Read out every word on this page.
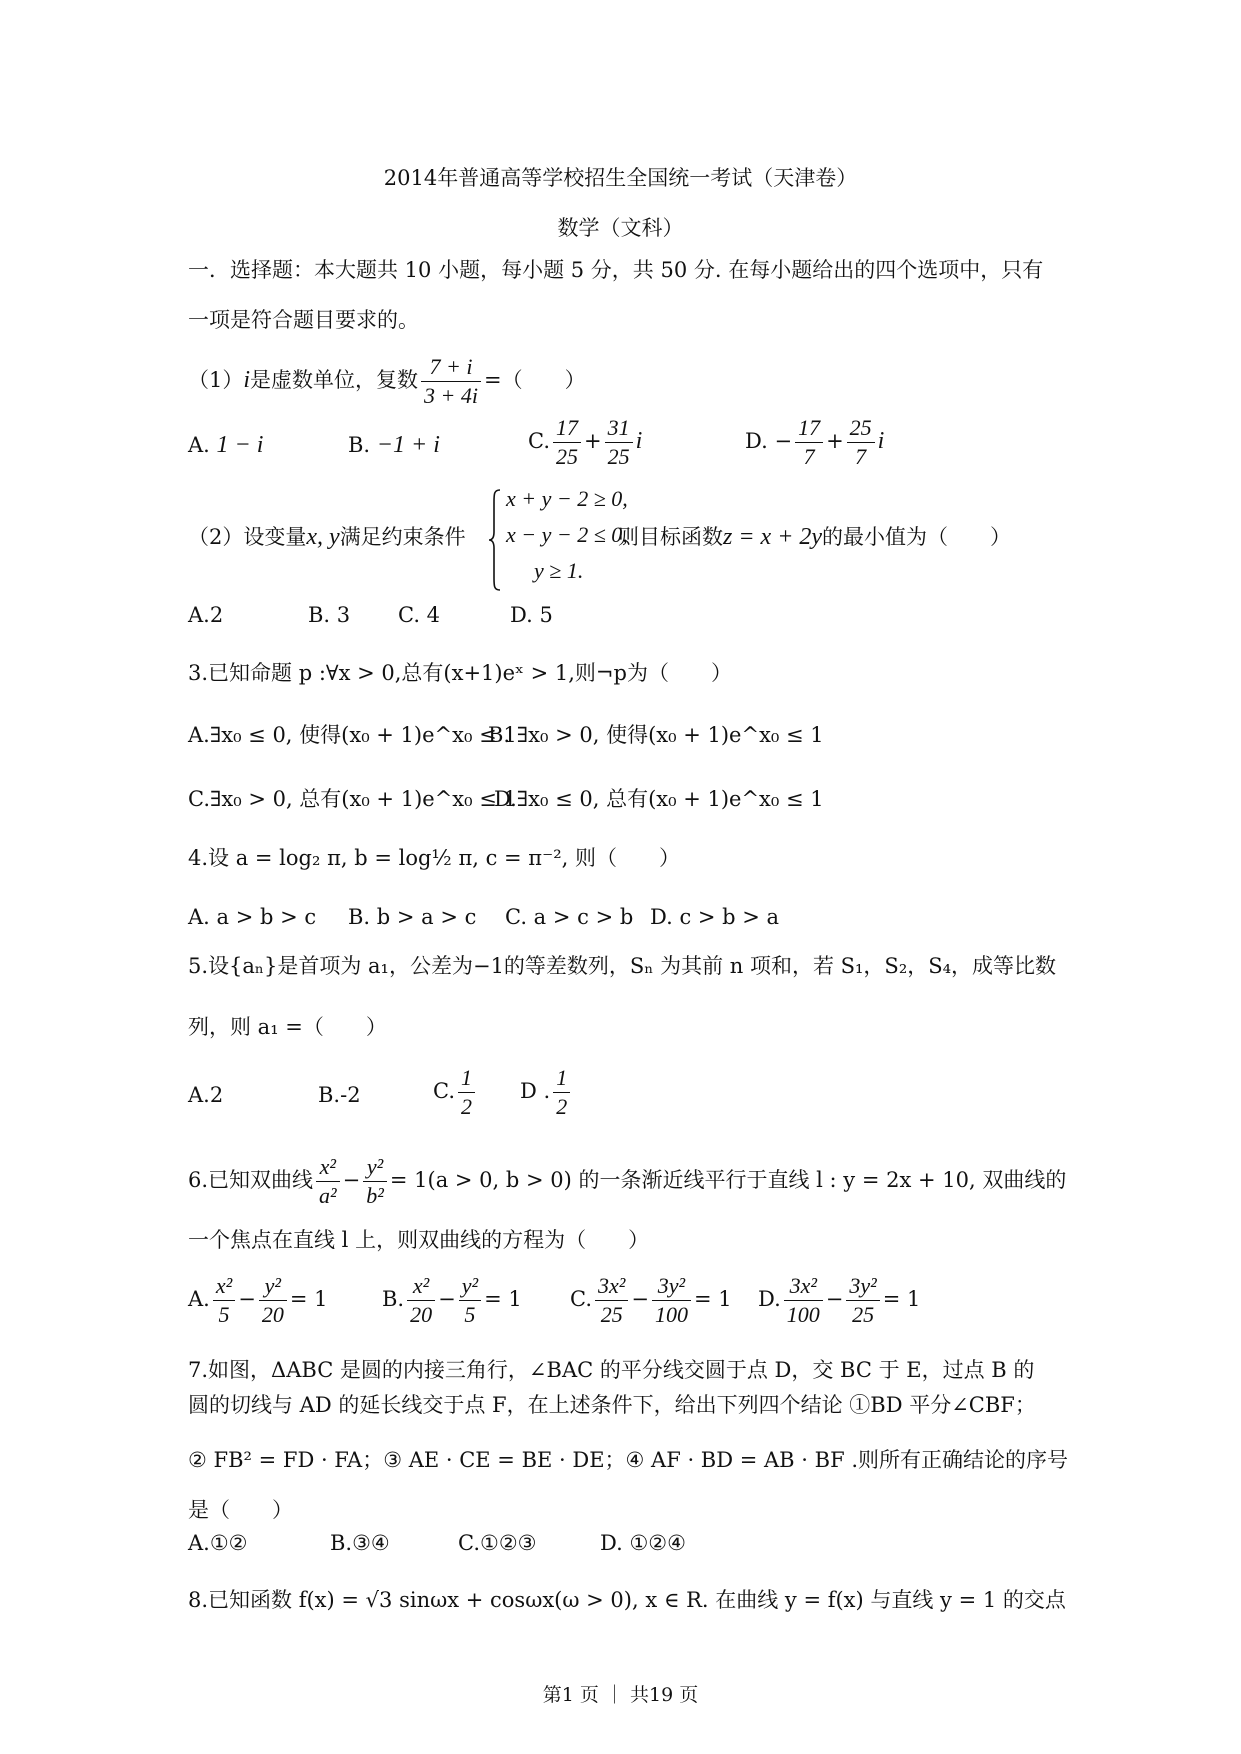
2014年普通高等学校招生全国统一考试（天津卷）
数学（文科）
一．选择题：本大题共 10 小题，每小题 5 分，共 50 分. 在每小题给出的四个选项中，只有
一项是符合题目要求的。
（1）i是虚数单位，复数 $\frac{7 + i}{3 + 4i}$ =（　　）
A. 1 − i	B. −1 + i	C. $\frac{17}{25} + \frac{31}{25}$ i	D. − $\frac{17}{7} + \frac{25}{7}$ i
（2）设变量x, y满足约束条件
x + y − 2 ≥ 0,
x − y − 2 ≤ 0,
y ≥ 1.
则目标函数z = x + 2y的最小值为（　　）
A.2	B. 3 C. 4	D. 5
3.已知命题 p :∀x > 0,总有(x+1)eˣ > 1,则¬p为（　　）
A.∃x₀ ≤ 0, 使得(x₀ + 1)e^x₀ ≤ 1
B. ∃x₀ > 0, 使得(x₀ + 1)e^x₀ ≤ 1
C.∃x₀ > 0, 总有(x₀ + 1)e^x₀ ≤ 1
D.∃x₀ ≤ 0, 总有(x₀ + 1)e^x₀ ≤ 1
4.设 a = log₂ π, b = log½ π, c = π⁻², 则（　　）
A. a > b > c B. b > a > c C. a > c > b D. c > b > a
5.设{aₙ}是首项为 a₁，公差为−1的等差数列，Sₙ 为其前 n 项和，若 S₁，S₂，S₄，成等比数
列，则 a₁ =（　　）
A.2	B.-2	C. $\frac{1}{2}$ D . $\frac{1}{2}$
6.已知双曲线 $\frac{\text{x²}}{\text{a²}} - \frac{\text{y²}}{\text{b²}} = 1(a > 0$, b > 0) 的一条渐近线平行于直线 l : y = 2x + 10, 双曲线的
一个焦点在直线 l 上，则双曲线的方程为（　　）
A. $\frac{\text{x²}}{5} - \frac{\text{y²}}{20} = 1$	B. $\frac{\text{x²}}{20} - \frac{\text{y²}}{5} = 1$ C. $\frac{\text{3x²}}{25} - \frac{\text{3y²}}{100} = 1$ D. $\frac{\text{3x²}}{100} - \frac{\text{3y²}}{25} = 1$
7.如图，ΔABC 是圆的内接三角行，∠BAC 的平分线交圆于点 D，交 BC 于 E，过点 B 的
圆的切线与 AD 的延长线交于点 F，在上述条件下，给出下列四个结论 ①BD 平分∠CBF；
② FB² = FD · FA；③ AE · CE = BE · DE；④ AF · BD = AB · BF .则所有正确结论的序号
是（　　）
A.①②	B.③④	C.①②③	D. ①②④
8.已知函数 f(x) = √3 sinωx + cosωx(ω > 0), x ∈ R. 在曲线 y = f(x) 与直线 y = 1 的交点
第1 页 ｜ 共19 页
